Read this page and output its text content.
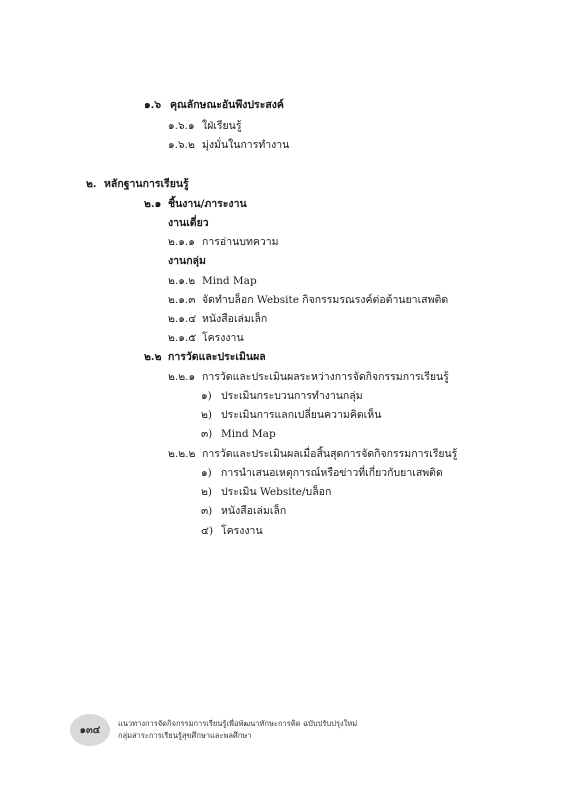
๑.๖ คุณลักษณะอันพึงประสงค์
๑.๖.๑ ใฝ่เรียนรู้
๑.๖.๒ มุ่งมั่นในการทำงาน
๒. หลักฐานการเรียนรู้
๒.๑ ชิ้นงาน/ภาระงาน
งานเดี่ยว
๒.๑.๑ การอ่านบทความ
งานกลุ่ม
๒.๑.๒ Mind Map
๒.๑.๓ จัดทำบล็อก Website กิจกรรมรณรงค์ต่อต้านยาเสพติด
๒.๑.๔ หนังสือเล่มเล็ก
๒.๑.๕ โครงงาน
๒.๒ การวัดและประเมินผล
๒.๒.๑ การวัดและประเมินผลระหว่างการจัดกิจกรรมการเรียนรู้
๑) ประเมินกระบวนการทำงานกลุ่ม
๒) ประเมินการแลกเปลี่ยนความคิดเห็น
๓) Mind Map
๒.๒.๒ การวัดและประเมินผลเมื่อสิ้นสุดการจัดกิจกรรมการเรียนรู้
๑) การนำเสนอเหตุการณ์หรือข่าวที่เกี่ยวกับยาเสพติด
๒) ประเมิน Website/บล็อก
๓) หนังสือเล่มเล็ก
๔) โครงงาน
๑๓๔
แนวทางการจัดกิจกรรมการเรียนรู้เพื่อพัฒนาทักษะการคิด ฉบับปรับปรุงใหม่
กลุ่มสาระการเรียนรู้สุขศึกษาและพลศึกษา
